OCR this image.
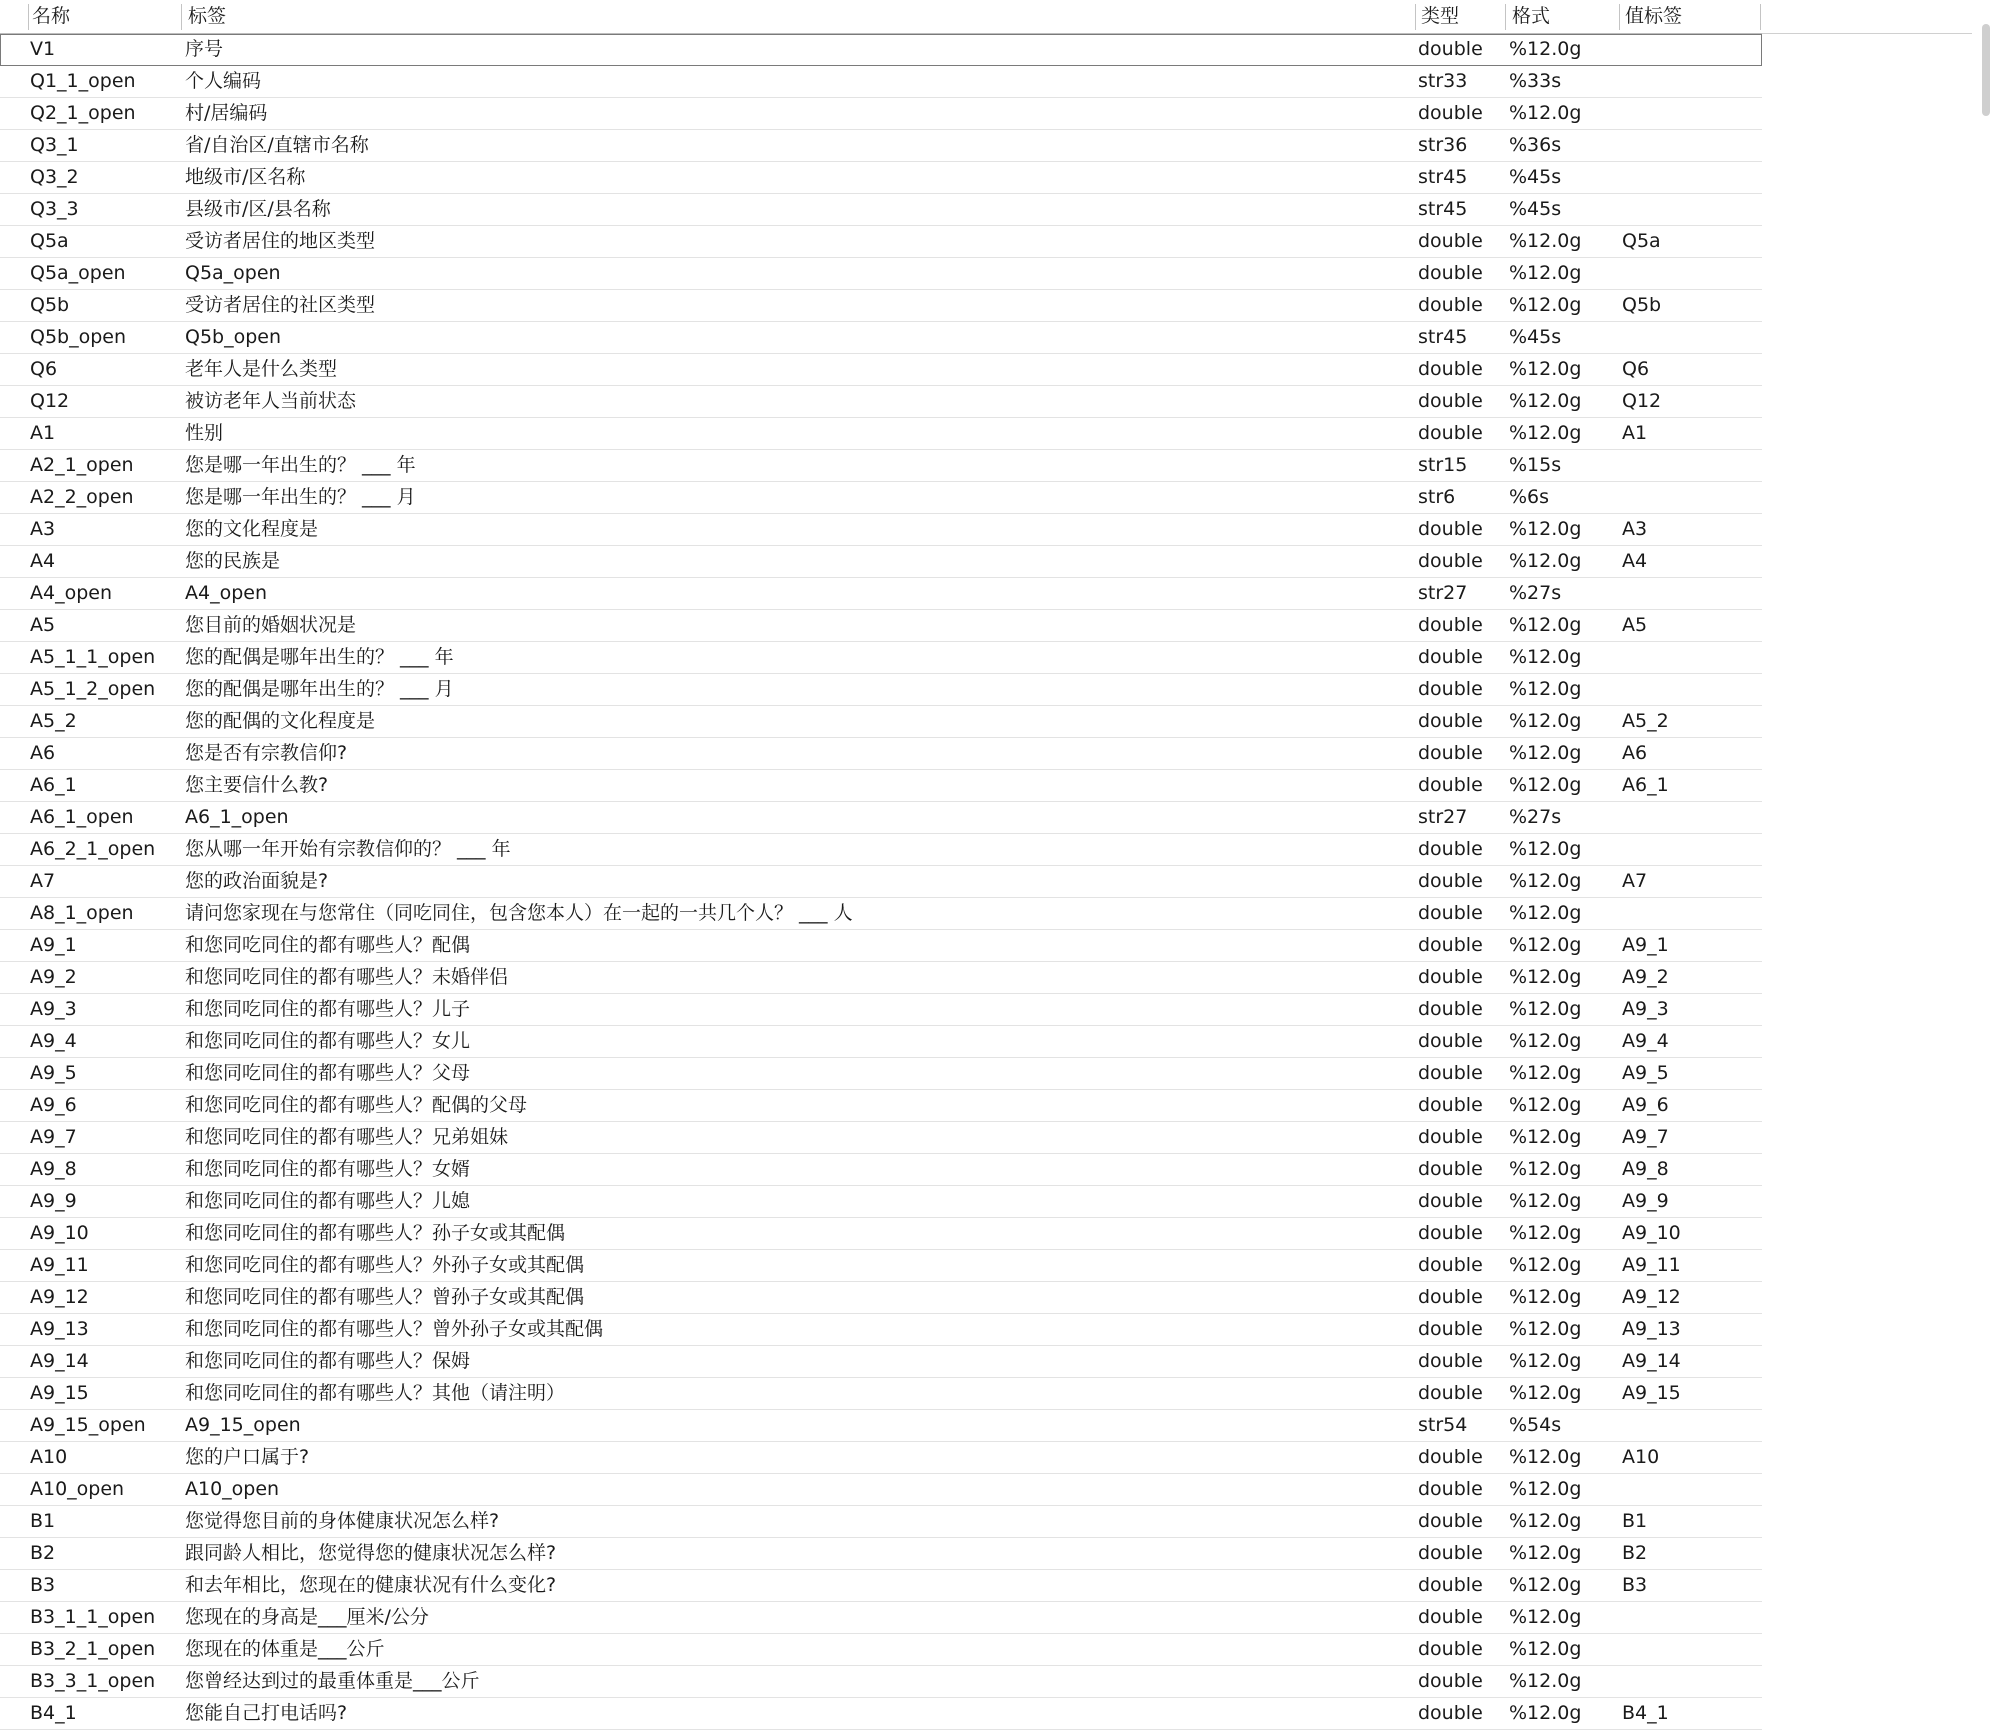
名称	标签	类型	格式	值标签
V1	序号	double	%12.0g
Q1_1_open	个人编码	str33	%33s
Q2_1_open	村/居编码	double	%12.0g
Q3_1	省/自治区/直辖市名称	str36	%36s
Q3_2	地级市/区名称	str45	%45s
Q3_3	县级市/区/县名称	str45	%45s
Q5a	受访者居住的地区类型	double	%12.0g	Q5a
Q5a_open	Q5a_open	double	%12.0g
Q5b	受访者居住的社区类型	double	%12.0g	Q5b
Q5b_open	Q5b_open	str45	%45s
Q6	老年人是什么类型	double	%12.0g	Q6
Q12	被访老年人当前状态	double	%12.0g	Q12
A1	性别	double	%12.0g	A1
A2_1_open	您是哪一年出生的？ ___ 年	str15	%15s
A2_2_open	您是哪一年出生的？ ___ 月	str6	%6s
A3	您的文化程度是	double	%12.0g	A3
A4	您的民族是	double	%12.0g	A4
A4_open	A4_open	str27	%27s
A5	您目前的婚姻状况是	double	%12.0g	A5
A5_1_1_open	您的配偶是哪年出生的？ ___ 年	double	%12.0g
A5_1_2_open	您的配偶是哪年出生的？ ___ 月	double	%12.0g
A5_2	您的配偶的文化程度是	double	%12.0g	A5_2
A6	您是否有宗教信仰?	double	%12.0g	A6
A6_1	您主要信什么教?	double	%12.0g	A6_1
A6_1_open	A6_1_open	str27	%27s
A6_2_1_open	您从哪一年开始有宗教信仰的？ ___ 年	double	%12.0g
A7	您的政治面貌是?	double	%12.0g	A7
A8_1_open	请问您家现在与您常住（同吃同住，包含您本人）在一起的一共几个人？ ___ 人	double	%12.0g
A9_1	和您同吃同住的都有哪些人？配偶	double	%12.0g	A9_1
A9_2	和您同吃同住的都有哪些人？未婚伴侣	double	%12.0g	A9_2
A9_3	和您同吃同住的都有哪些人？儿子	double	%12.0g	A9_3
A9_4	和您同吃同住的都有哪些人？女儿	double	%12.0g	A9_4
A9_5	和您同吃同住的都有哪些人？父母	double	%12.0g	A9_5
A9_6	和您同吃同住的都有哪些人？配偶的父母	double	%12.0g	A9_6
A9_7	和您同吃同住的都有哪些人？兄弟姐妹	double	%12.0g	A9_7
A9_8	和您同吃同住的都有哪些人？女婿	double	%12.0g	A9_8
A9_9	和您同吃同住的都有哪些人？儿媳	double	%12.0g	A9_9
A9_10	和您同吃同住的都有哪些人？孙子女或其配偶	double	%12.0g	A9_10
A9_11	和您同吃同住的都有哪些人？外孙子女或其配偶	double	%12.0g	A9_11
A9_12	和您同吃同住的都有哪些人？曾孙子女或其配偶	double	%12.0g	A9_12
A9_13	和您同吃同住的都有哪些人？曾外孙子女或其配偶	double	%12.0g	A9_13
A9_14	和您同吃同住的都有哪些人？保姆	double	%12.0g	A9_14
A9_15	和您同吃同住的都有哪些人？其他（请注明）	double	%12.0g	A9_15
A9_15_open	A9_15_open	str54	%54s
A10	您的户口属于?	double	%12.0g	A10
A10_open	A10_open	double	%12.0g
B1	您觉得您目前的身体健康状况怎么样?	double	%12.0g	B1
B2	跟同龄人相比，您觉得您的健康状况怎么样?	double	%12.0g	B2
B3	和去年相比，您现在的健康状况有什么变化?	double	%12.0g	B3
B3_1_1_open	您现在的身高是___厘米/公分	double	%12.0g
B3_2_1_open	您现在的体重是___公斤	double	%12.0g
B3_3_1_open	您曾经达到过的最重体重是___公斤	double	%12.0g
B4_1	您能自己打电话吗?	double	%12.0g	B4_1
